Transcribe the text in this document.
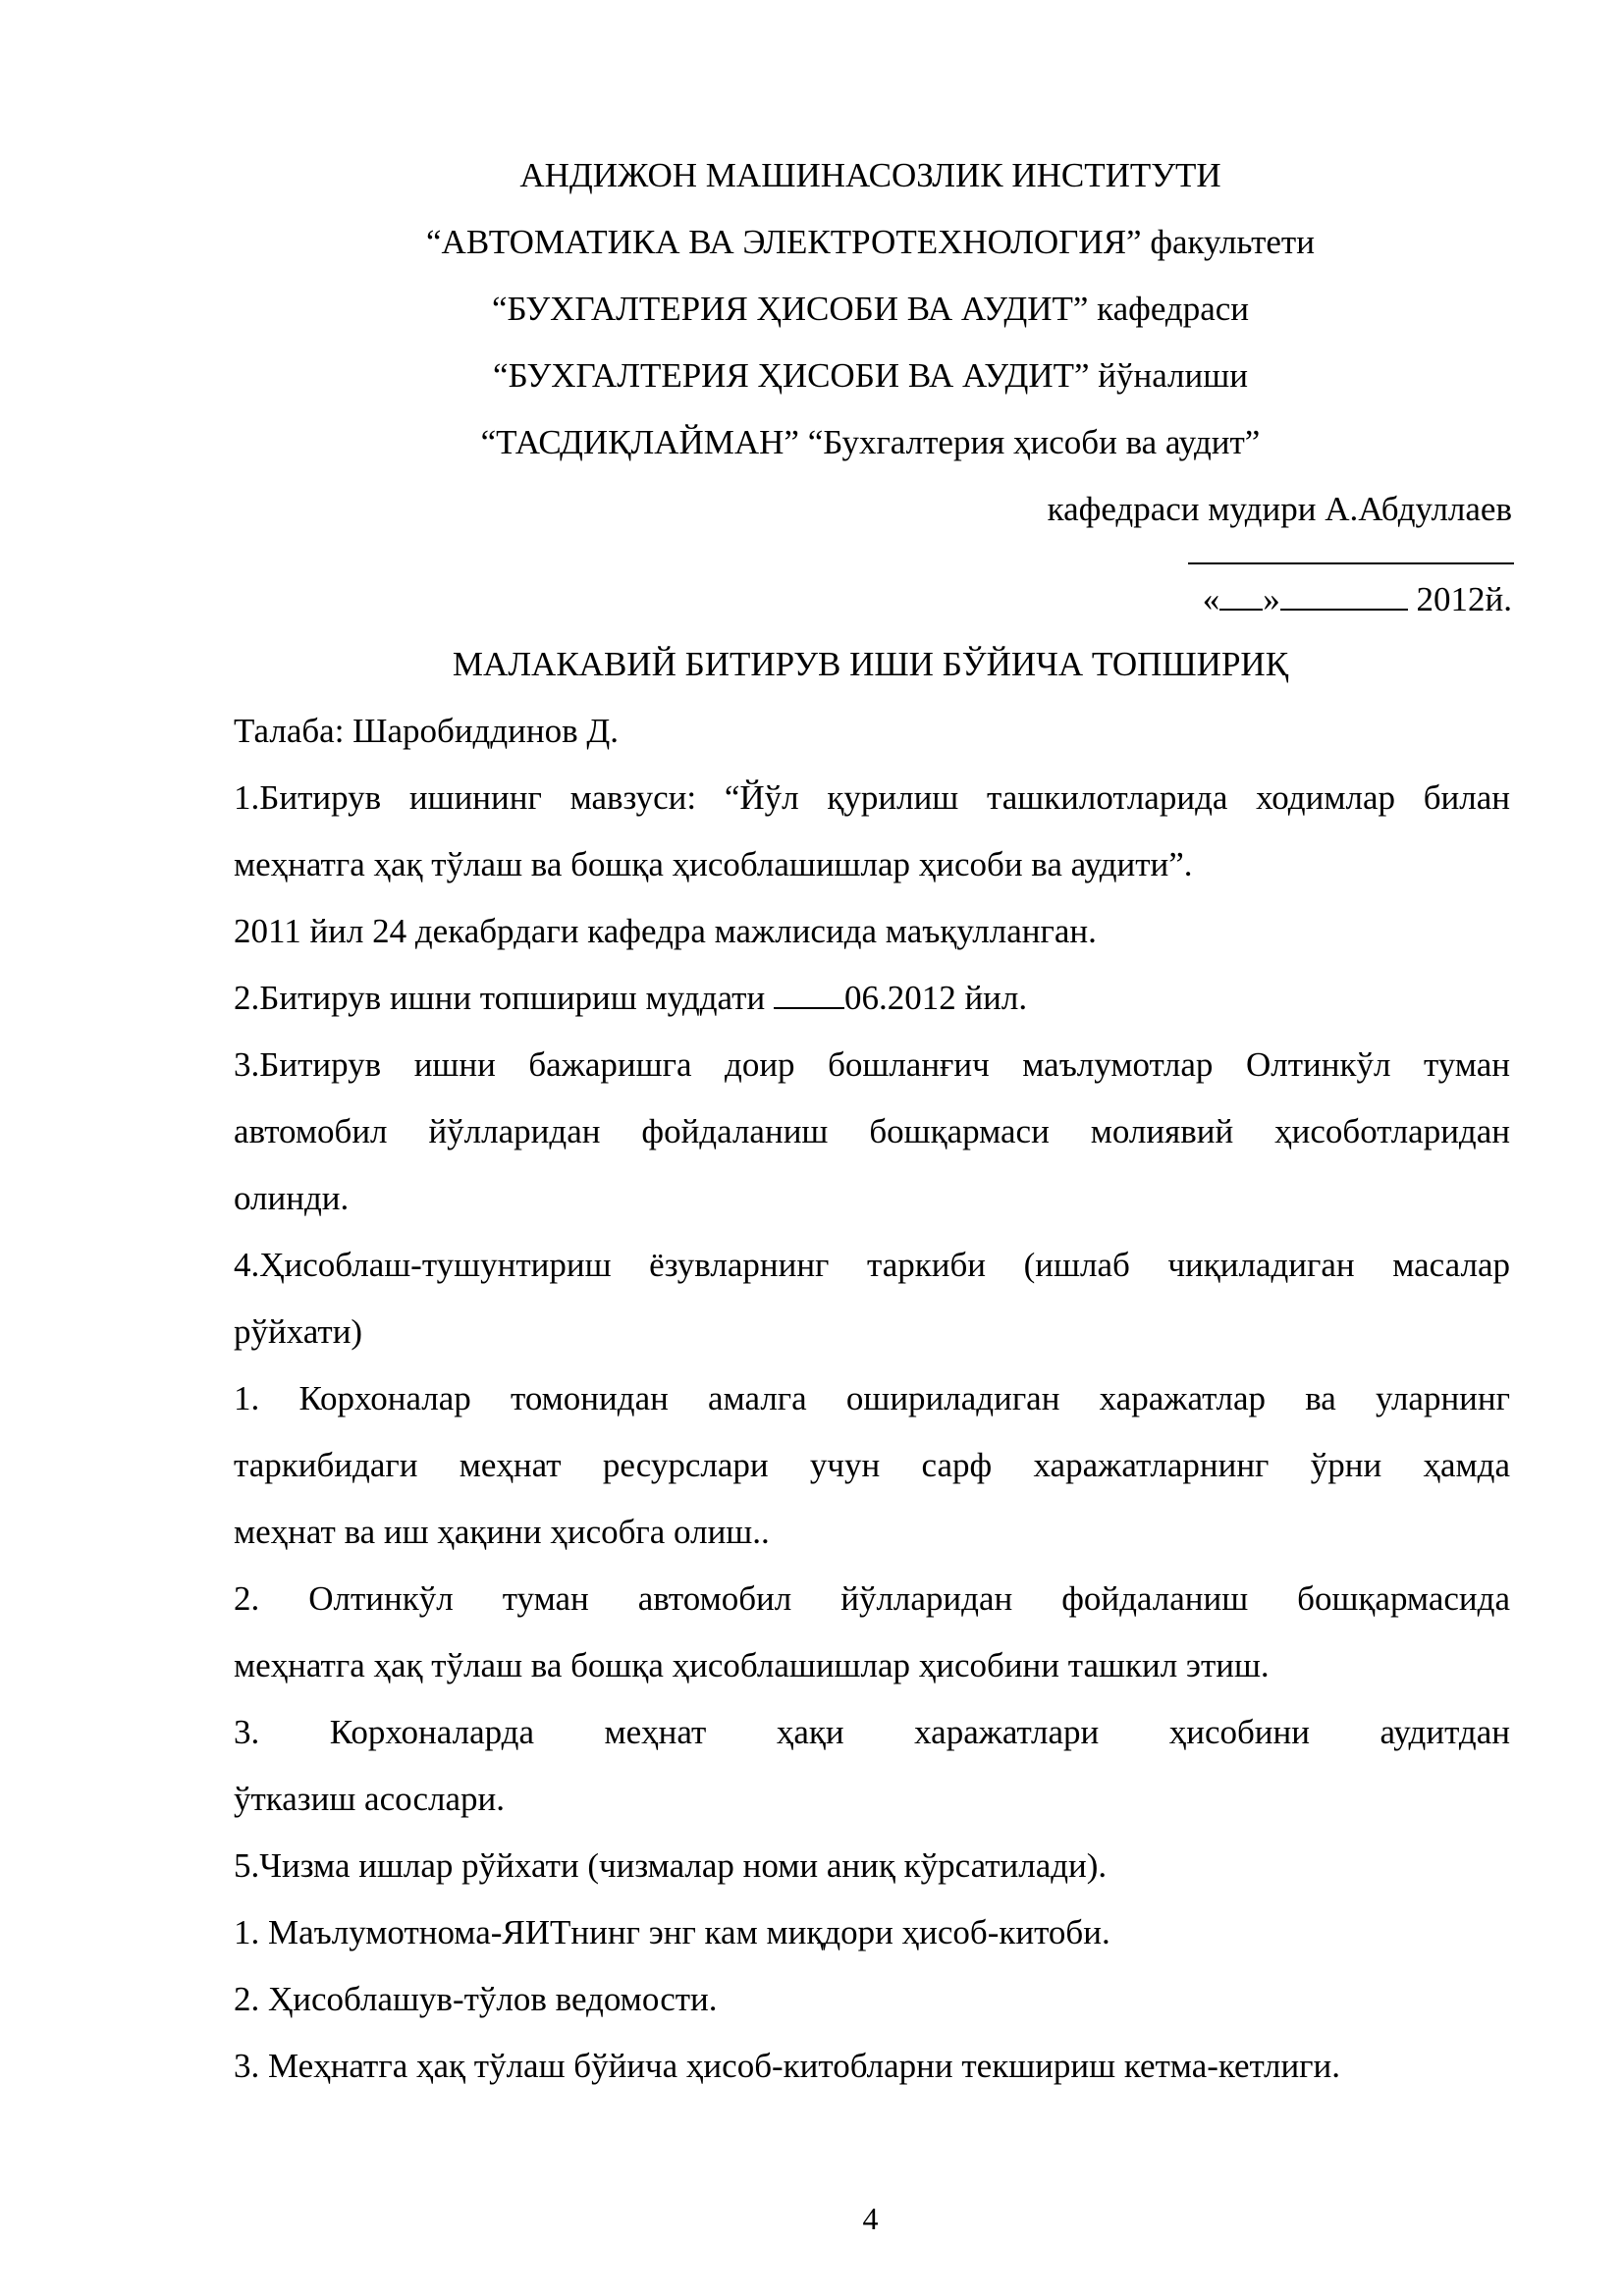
АНДИЖОН МАШИНАСОЗЛИК ИНСТИТУТИ
“АВТОМАТИКА ВА ЭЛЕКТРОТЕХНОЛОГИЯ” факультети
“БУХГАЛТЕРИЯ ҲИСОБИ ВА АУДИТ” кафедраси
“БУХГАЛТЕРИЯ ҲИСОБИ ВА АУДИТ” йўналиши
“ТАСДИҚЛАЙМАН” “Бухгалтерия ҳисоби ва аудит”
кафедраси мудири А.Абдуллаев
« »	2012й.
МАЛАКАВИЙ БИТИРУВ ИШИ БЎЙИЧА ТОПШИРИҚ
Талаба: Шаробиддинов Д.
1.Битирув ишининг мавзуси: “Йўл қурилиш ташкилотларида ходимлар билан
меҳнатга ҳақ тўлаш ва бошқа ҳисоблашишлар ҳисоби ва аудити”.
2011 йил 24 декабрдаги кафедра мажлисида маъқулланган.
2.Битирув ишни топшириш муддати 06.2012 йил.
3.Битирув ишни бажаришга доир бошланғич маълумотлар Олтинкўл туман
автомобил йўлларидан фойдаланиш бошқармаси молиявий ҳисоботларидан
олинди.
4.Ҳисоблаш-тушунтириш ёзувларнинг таркиби (ишлаб чиқиладиган масалар
рўйхати)
1. Корхоналар томонидан амалга ошириладиган харажатлар ва уларнинг
таркибидаги меҳнат ресурслари учун сарф харажатларнинг ўрни ҳамда
меҳнат ва иш ҳақини ҳисобга олиш..
2. Олтинкўл туман автомобил йўлларидан фойдаланиш бошқармасида
меҳнатга ҳақ тўлаш ва бошқа ҳисоблашишлар ҳисобини ташкил этиш.
3. Корхоналарда меҳнат ҳақи харажатлари ҳисобини аудитдан
ўтказиш асослари.
5.Чизма ишлар рўйхати (чизмалар номи аниқ кўрсатилади).
1. Маълумотнома-ЯИТнинг энг кам миқдори ҳисоб-китоби.
2. Ҳисоблашув-тўлов ведомости.
3. Меҳнатга ҳақ тўлаш бўйича ҳисоб-китобларни текшириш кетма-кетлиги.
4
